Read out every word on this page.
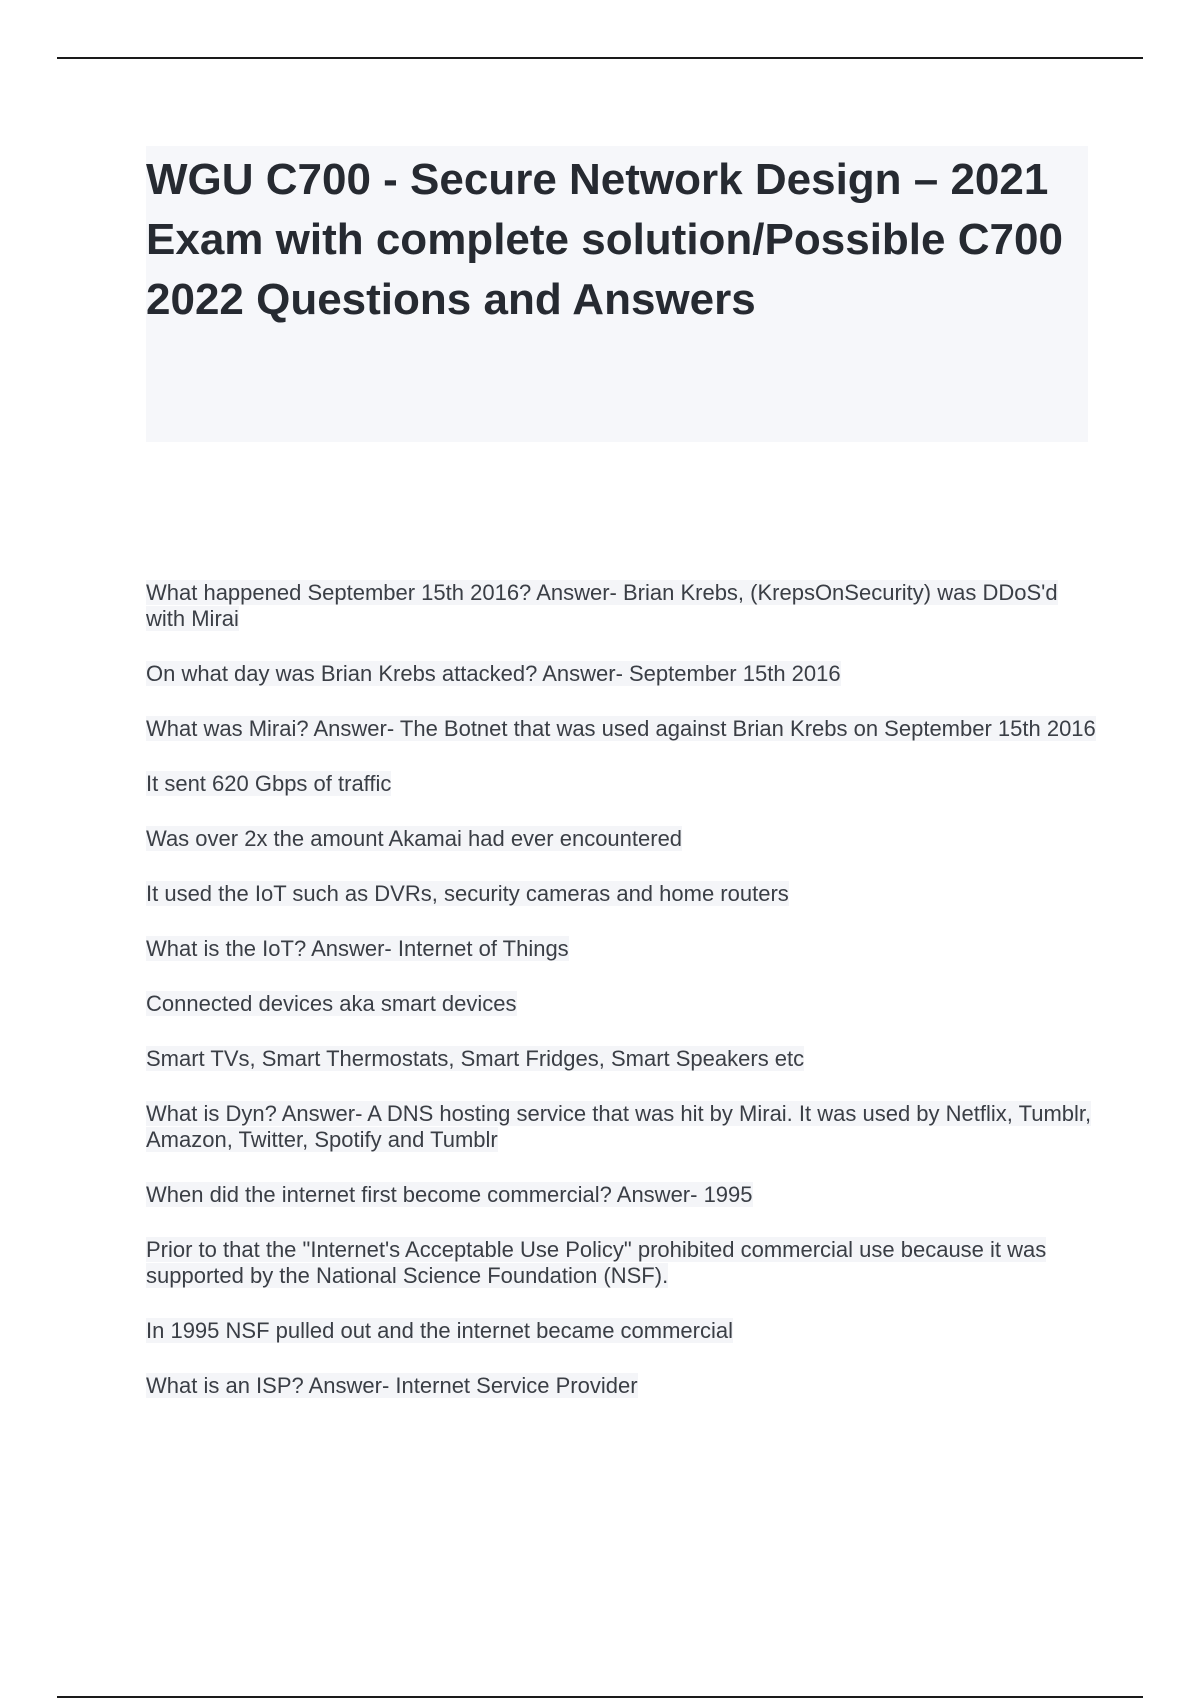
WGU C700 - Secure Network Design – 2021 Exam with complete solution/Possible C700 2022 Questions and Answers

What happened September 15th 2016? Answer- Brian Krebs, (KrepsOnSecurity) was DDoS'd with Mirai

On what day was Brian Krebs attacked? Answer- September 15th 2016

What was Mirai? Answer- The Botnet that was used against Brian Krebs on September 15th 2016

It sent 620 Gbps of traffic

Was over 2x the amount Akamai had ever encountered

It used the IoT such as DVRs, security cameras and home routers

What is the IoT? Answer- Internet of Things

Connected devices aka smart devices

Smart TVs, Smart Thermostats, Smart Fridges, Smart Speakers etc

What is Dyn? Answer- A DNS hosting service that was hit by Mirai. It was used by Netflix, Tumblr, Amazon, Twitter, Spotify and Tumblr

When did the internet first become commercial? Answer- 1995

Prior to that the "Internet's Acceptable Use Policy" prohibited commercial use because it was supported by the National Science Foundation (NSF).

In 1995 NSF pulled out and the internet became commercial

What is an ISP? Answer- Internet Service Provider
